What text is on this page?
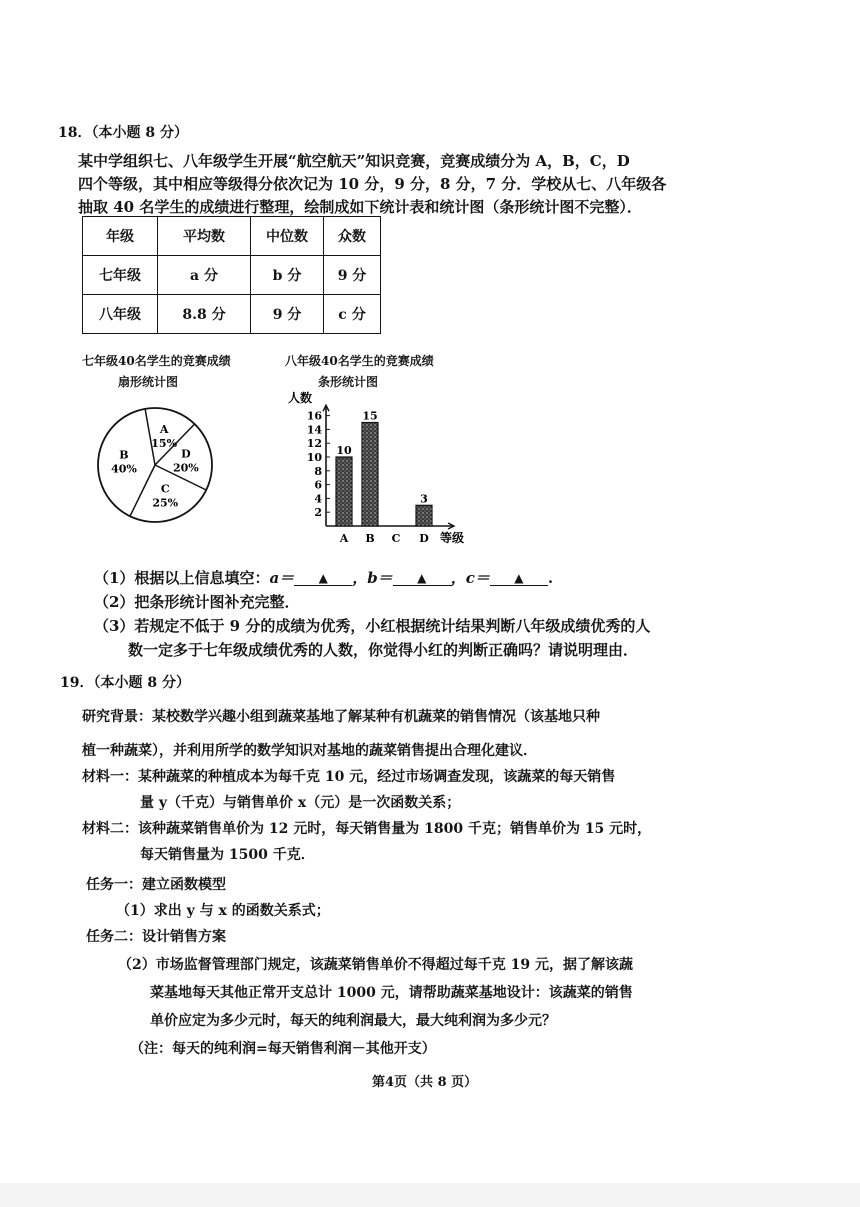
18．（本小题 8 分）
某中学组织七、八年级学生开展“航空航天”知识竞赛，竞赛成绩分为 A，B，C，D
四个等级，其中相应等级得分依次记为 10 分，9 分，8 分，7 分．学校从七、八年级各
抽取 40 名学生的成绩进行整理，绘制成如下统计表和统计图（条形统计图不完整）．
年级	平均数	中位数	众数
七年级	a 分	b 分	9 分
八年级	8.8 分	9 分	c 分
七年级40名学生的竞赛成绩
扇形统计图
A
15%
D
20%
C
25%
B
40%
八年级40名学生的竞赛成绩
条形统计图
人数
等级
2
4
6
8
10
12
14
16
A B C D
10
15
3
（1）根据以上信息填空：a＝ ▲ ，b＝ ▲ ，c＝ ▲ .
（2）把条形统计图补充完整．
（3）若规定不低于 9 分的成绩为优秀，小红根据统计结果判断八年级成绩优秀的人
数一定多于七年级成绩优秀的人数，你觉得小红的判断正确吗？请说明理由．
19．（本小题 8 分）
研究背景：某校数学兴趣小组到蔬菜基地了解某种有机蔬菜的销售情况（该基地只种
植一种蔬菜），并利用所学的数学知识对基地的蔬菜销售提出合理化建议．
材料一：某种蔬菜的种植成本为每千克 10 元，经过市场调查发现，该蔬菜的每天销售
量 y（千克）与销售单价 x（元）是一次函数关系；
材料二：该种蔬菜销售单价为 12 元时，每天销售量为 1800 千克；销售单价为 15 元时，
每天销售量为 1500 千克．
任务一：建立函数模型
（1）求出 y 与 x 的函数关系式；
任务二：设计销售方案
（2）市场监督管理部门规定，该蔬菜销售单价不得超过每千克 19 元，据了解该蔬
菜基地每天其他正常开支总计 1000 元，请帮助蔬菜基地设计：该蔬菜的销售
单价应定为多少元时，每天的纯利润最大，最大纯利润为多少元？
（注：每天的纯利润=每天销售利润－其他开支）
第4页（共 8 页）
